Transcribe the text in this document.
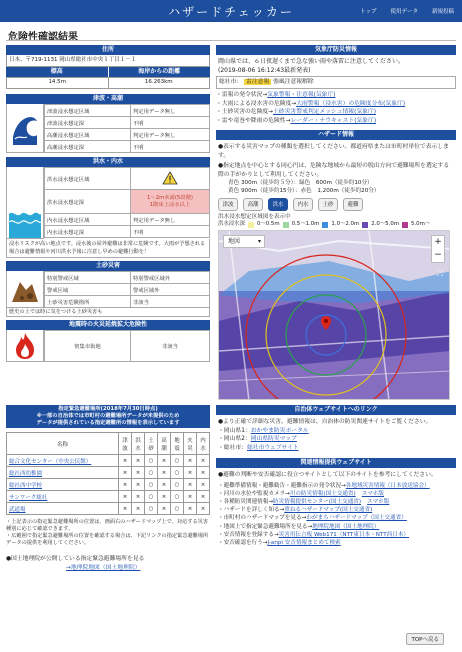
ハザードチェッカー	トップ	使用データ	新規投稿
危険性確認結果
住所
日本、〒719-1131 岡山県総社市中央１丁目１－１
標高	海岸からの距離
14.5m	16.263km
津波・高潮
津波浸水想定区域	判定用データ無し
津波浸水想定深	不明
高潮浸水想定区域	判定用データ無し
高潮浸水想定深	不明
洪水・内水
洪水浸水想定区域	
洪水浸水想定深	1〜2m未満(5段階)
1階床上浸水以上
内水浸水想定区域	判定用データ無し
内水浸水想定深	不明
浸水リスクが高い地点です。浸水後の屋外避難は非常に危険です。大雨が予想される場合は避難情報や河川洪水予報に注意し早めの避難行動を！
土砂災害
特別警戒区域	特別警戒区域外
警戒区域	警戒区域外
土砂災害危険箇所	非該当
歴史の上では時に気をつける土砂災害も
地震時の火災延焼拡大危険性
密集市街地	非該当
指定緊急避難場所(2018年7月30日時点)
※一部の自治体では市町村の避難場所データが未提供のため
データが提供されている指定避難所の情報を表示しています
名称	津波	洪水	土砂	高潮	地震	火災	内水
総合文化センター（中央公民館）	×	×	○	×	○	×	×
総社西幼稚園	×	×	○	×	○	×	×
総社西中学校	×	×	○	×	○	×	×
サンワーク総社	×	×	○	×	○	×	×
武道場	×	×	○	×	○	×	×
・上記表示の指定緊急避難場所の位置は、画面右のハザードマップ上で、対応する災害種別に応じて確認できます。
・広範囲で指定緊急避難場所の位置を確認する場合は、下記リンクの指定緊急避難場所データの提供を利用してください。
●国土地理院が公開している指定緊急避難場所を見る
→地理院地図（国土地理院）
気象庁防災情報
岡山県では、６日夜遅くまで急な強い雨や落雷に注意してください。
(2019-08-06 16:12:43最新発表)
総社市： 雷注意報 強風注意報解除
・雷報の発令状況→気象警報・注意報(気象庁)
・大雨による浸水害の危険度→大雨警報（浸水害）の危険度分布(気象庁)
・土砂災害の危険度→土砂災害警戒判定メッシュ情報(気象庁)
・雷や竜巻や降雨の危険性→レーダー・ナウキャスト(気象庁)
ハザード情報
●表示する災害マップの種類を選択してください。都道府県または市町村単位で表示します。
●指定地点を中心とする同心円は、危険な地域から最短の脱出方向で避難場所を選定する際の手がかりとして利用してください。
青色 300m（徒歩約５分）：緑色　600m（徒歩約10分）
黄色 900m（徒歩約15分）：赤色　1,200m（徒歩約20分）
津波	高潮	洪水	内水	土砂	避難
洪水浸水想定区域図を表示中
洪水浸水深 0〜0.5m 0.5〜1.0m 1.0〜2.0m 2.0〜5.0m 5.0m〜
地図	▾	+
−
⛶
自治体ウェブサイトへのリンク
●より正確で詳細な災害、避難情報は、自治体の防災関連サイトをご覧ください。
・岡山県1：おかやま防災ポータル
・岡山県2：岡山県防災マップ
・総社市：総社市ウェブサイト
関連情報提供ウェブサイト
●避難の判断や安否確認に役立つサイトとして以下のサイトを参考にしてください。
・避難準備情報・避難勧告・避難指示の発令状況→各地域災害情報（日本放送協会）
・河川の水位や監視カメラ→川の防災情報(国土交通省) スマホ版
・各種防災関連情報→防災情報提供センター(国土交通省) スマホ版
・ハザードを詳しく知る→重ねるハザードマップ(国土交通省)
・市町村のハザードマップを見る→わがまちハザードマップ（国土交通省）
・地図上で指定緊急避難場所を見る→地理院地図（国土地理院）
・安否情報を登録する→災害用伝言板 Web171（NTT東日本・NTT西日本）
・安否確認を行う→J-anpi 安否情報まとめて検索
TOPへ戻る
